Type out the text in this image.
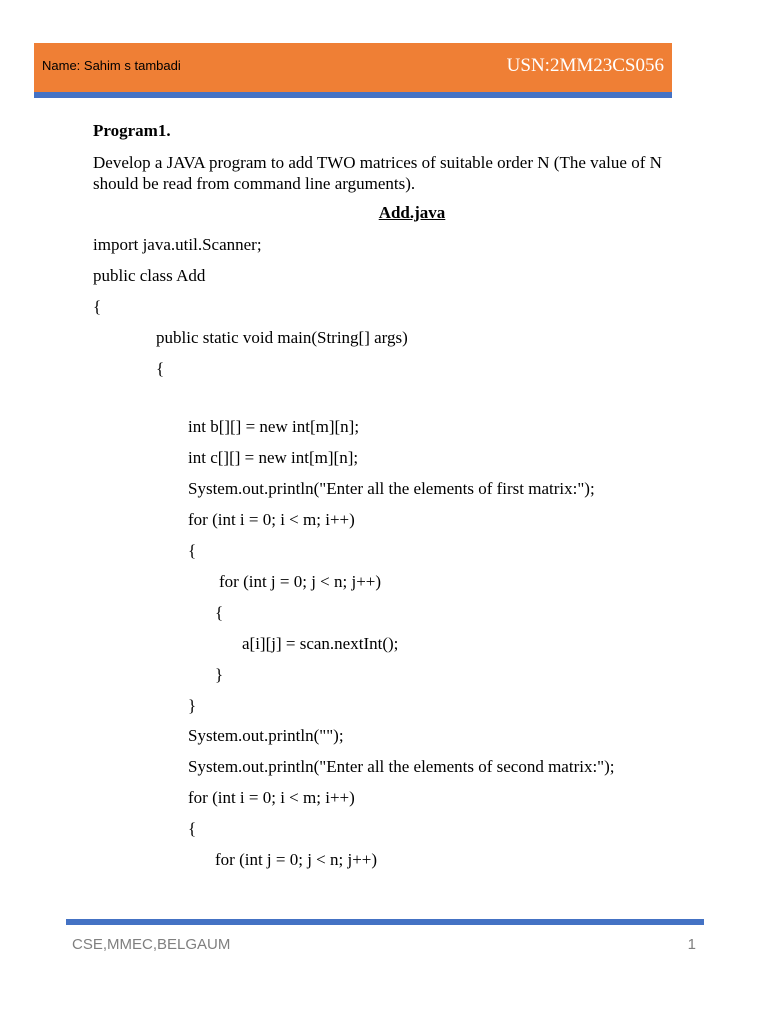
Name: Sahim s tambadi	USN:2MM23CS056
Program1.
Develop a JAVA program to add TWO matrices of suitable order N (The value of N should be read from command line arguments).
Add.java
import java.util.Scanner;
public class Add
{
public static void main(String[] args)
{
int b[][] = new int[m][n];
int c[][] = new int[m][n];
System.out.println("Enter all the elements of first matrix:");
for (int i = 0; i < m; i++)
{
for (int j = 0; j < n; j++)
{
a[i][j] = scan.nextInt();
}
}
System.out.println("");
System.out.println("Enter all the elements of second matrix:");
for (int i = 0; i < m; i++)
{
for (int j = 0; j < n; j++)
CSE,MMEC,BELGAUM	1
